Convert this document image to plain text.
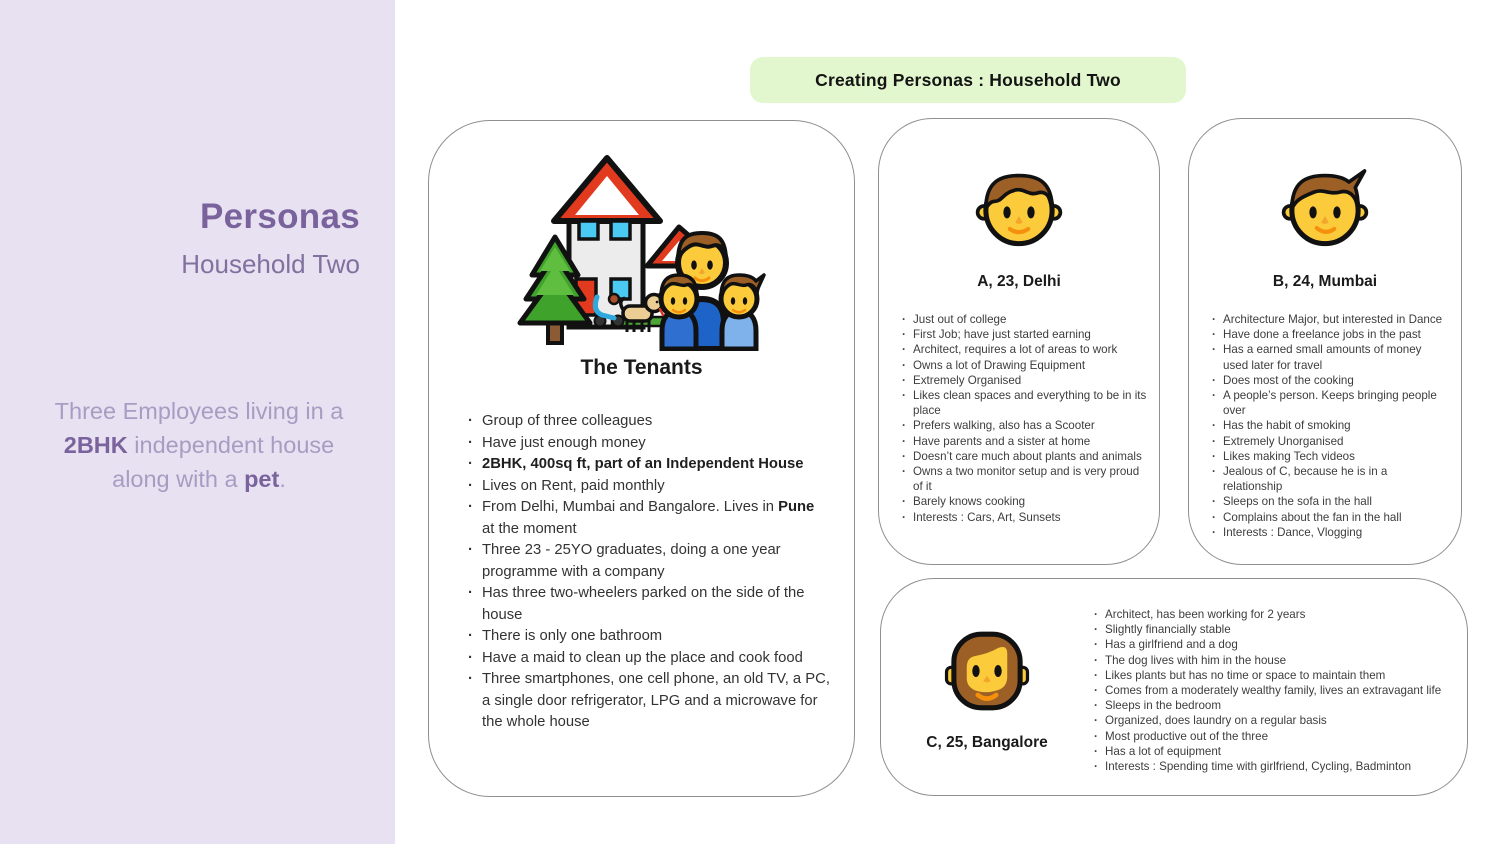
Personas
Household Two
Three Employees living in a 2BHK independent house along with a pet.
Creating Personas : Household Two
The Tenants
· Group of three colleagues
· Have just enough money
· 2BHK, 400sq ft, part of an Independent House
· Lives on Rent, paid monthly
· From Delhi, Mumbai and Bangalore. Lives in Pune at the moment
· Three 23 - 25YO graduates, doing a one year programme with a company
· Has three two-wheelers parked on the side of the house
· There is only one bathroom
· Have a maid to clean up the place and cook food
· Three smartphones, one cell phone, an old TV, a PC, a single door refrigerator, LPG and a microwave for the whole house
A, 23, Delhi
· Just out of college
· First Job; have just started earning
· Architect, requires a lot of areas to work
· Owns a lot of Drawing Equipment
· Extremely Organised
· Likes clean spaces and everything to be in its place
· Prefers walking, also has a Scooter
· Have parents and a sister at home
· Doesn’t care much about plants and animals
· Owns a two monitor setup and is very proud of it
· Barely knows cooking
· Interests : Cars, Art, Sunsets
B, 24, Mumbai
· Architecture Major, but interested in Dance
· Have done a freelance jobs in the past
· Has a earned small amounts of money used later for travel
· Does most of the cooking
· A people’s person. Keeps bringing people over
· Has the habit of smoking
· Extremely Unorganised
· Likes making Tech videos
· Jealous of C, because he is in a relationship
· Sleeps on the sofa in the hall
· Complains about the fan in the hall
· Interests : Dance, Vlogging
C, 25, Bangalore
· Architect, has been working for 2 years
· Slightly financially stable
· Has a girlfriend and a dog
· The dog lives with him in the house
· Likes plants but has no time or space to maintain them
· Comes from a moderately wealthy family, lives an extravagant life
· Sleeps in the bedroom
· Organized, does laundry on a regular basis
· Most productive out of the three
· Has a lot of equipment
· Interests : Spending time with girlfriend, Cycling, Badminton
